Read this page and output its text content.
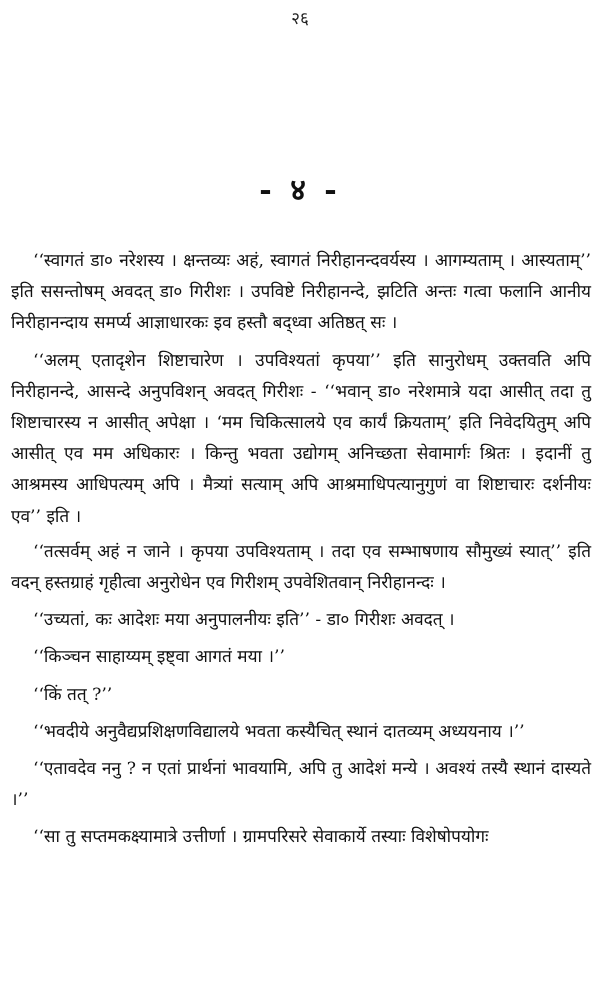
२६
- ४ -

‘‘स्वागतं डा० नरेशस्य । क्षन्तव्यः अहं, स्वागतं निरीहानन्दवर्यस्य । आगम्यताम् । आस्यताम्’’ इति ससन्तोषम् अवदत् डा० गिरीशः । उपविष्टे निरीहानन्दे, झटिति अन्तः गत्वा फलानि आनीय निरीहानन्दाय समर्प्य आज्ञाधारकः इव हस्तौ बद्ध्वा अतिष्ठत् सः ।

‘‘अलम् एतादृशेन शिष्टाचारेण । उपविश्यतां कृपया’’ इति सानुरोधम् उक्तवति अपि निरीहानन्दे, आसन्दे अनुपविशन् अवदत् गिरीशः - ‘‘भवान् डा० नरेशमात्रे यदा आसीत् तदा तु शिष्टाचारस्य न आसीत् अपेक्षा । ‘मम चिकित्सालये एव कार्यं क्रियताम्’ इति निवेदयितुम् अपि आसीत् एव मम अधिकारः । किन्तु भवता उद्योगम् अनिच्छता सेवामार्गः श्रितः । इदानीं तु आश्रमस्य आधिपत्यम् अपि । मैत्र्यां सत्याम् अपि आश्रमाधिपत्यानुगुणं वा शिष्टाचारः दर्शनीयः एव’’ इति ।

‘‘तत्सर्वम् अहं न जाने । कृपया उपविश्यताम् । तदा एव सम्भाषणाय सौमुख्यं स्यात्’’ इति वदन् हस्तग्राहं गृहीत्वा अनुरोधेन एव गिरीशम् उपवेशितवान् निरीहानन्दः ।

‘‘उच्यतां, कः आदेशः मया अनुपालनीयः इति’’ - डा० गिरीशः अवदत् ।

‘‘किञ्चन साहाय्यम् इष्ट्वा आगतं मया ।’’

‘‘किं तत् ?’’

‘‘भवदीये अनुवैद्यप्रशिक्षणविद्यालये भवता कस्यैचित् स्थानं दातव्यम् अध्ययनाय ।’’

‘‘एतावदेव ननु ? न एतां प्रार्थनां भावयामि, अपि तु आदेशं मन्ये । अवश्यं तस्यै स्थानं दास्यते ।’’

‘‘सा तु सप्तमकक्ष्यामात्रे उत्तीर्णा । ग्रामपरिसरे सेवाकार्ये तस्याः विशेषोपयोगः
